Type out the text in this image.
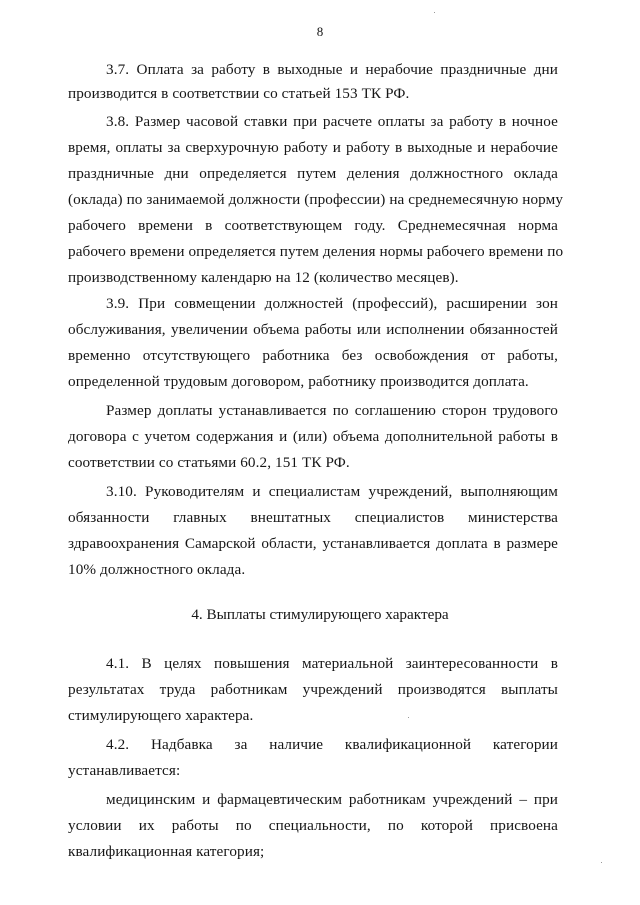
8
3.7. Оплата за работу в выходные и нерабочие праздничные дни
производится в соответствии со статьей 153 ТК РФ.
3.8. Размер часовой ставки при расчете оплаты за работу в ночное
время, оплаты за сверхурочную работу и работу в выходные и нерабочие
праздничные дни определяется путем деления должностного оклада
(оклада) по занимаемой должности (профессии) на среднемесячную норму
рабочего времени в соответствующем году. Среднемесячная норма
рабочего времени определяется путем деления нормы рабочего времени по
производственному календарю на 12 (количество месяцев).
3.9. При совмещении должностей (профессий), расширении зон
обслуживания, увеличении объема работы или исполнении обязанностей
временно отсутствующего работника без освобождения от работы,
определенной трудовым договором, работнику производится доплата.
Размер доплаты устанавливается по соглашению сторон трудового
договора с учетом содержания и (или) объема дополнительной работы в
соответствии со статьями 60.2, 151 ТК РФ.
3.10. Руководителям и специалистам учреждений, выполняющим
обязанности главных внештатных специалистов министерства
здравоохранения Самарской области, устанавливается доплата в размере
10% должностного оклада.
4. Выплаты стимулирующего характера
4.1. В целях повышения материальной заинтересованности в
результатах труда работникам учреждений производятся выплаты
стимулирующего характера.
4.2. Надбавка за наличие квалификационной категории
устанавливается:
медицинским и фармацевтическим работникам учреждений – при
условии их работы по специальности, по которой присвоена
квалификационная категория;
